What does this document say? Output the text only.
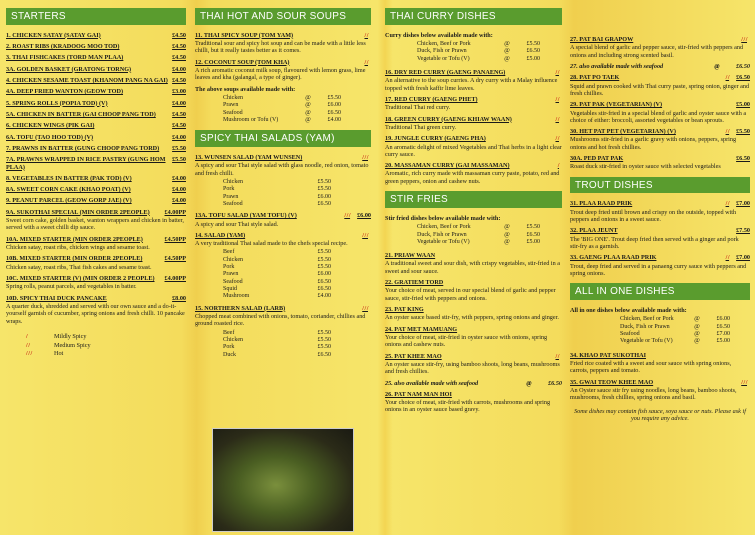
STARTERS
1. CHICKEN SATAY (SATAY GAI)	£4.50
2. ROAST RIBS (KRADOOG MOO TOD)	£4.50
3. THAI FISHCAKES (TORD MAN PLAA)	£4.50
3A. GOLDEN BASKET (GRATONG TORNG)	£4.00
4. CHICKEN SESAME TOAST (KHANOM PANG NA GAI) £4.50
4A. DEEP FRIED WANTON (GEOW TOD)	£3.00
5. SPRING ROLLS (POPIA TOD) (V)	£4.00
5A. CHICKEN IN BATTER (GAI CHOOP PANG TOD)	£4.50
6. CHICKEN WINGS (PIK GAI)	£4.50
6A. TOFU (TAO HOO TOD) (V)	£4.00
7. PRAWNS IN BATTER (GUNG CHOOP PANG TORD)	£5.50
7A. PRAWNS WRAPPED IN RICE PASTRY (GUNG HOM PLAA)
£5.50
8. VEGETABLES IN BATTER (PAK TOD) (V)	£4.00
8A. SWEET CORN CAKE (KHAO POAT) (V)	£4.00
9. PEANUT PARCEL (GEOW GORP JAE) (V)	£4.00
9A. SUKOTHAI SPECIAL (MIN ORDER 2PEOPLE)	£4.00PP
Sweet corn cake, golden basket, wanton wrappers and chicken in batter, served with a sweet chilli dip sauce.
10A. MIXED STARTER (MIN ORDER 2PEOPLE)	£4.50PP
Chicken satay, roast ribs, chicken wings and sesame toast.
10B. MIXED STARTER (MIN ORDER 2PEOPLE)	£4.50PP
Chicken satay, roast ribs, Thai fish cakes and sesame toast.
10C. MIXED STARTER (V) (MIN ORDER 2 PEOPLE)	£4.00PP
Spring rolls, peanut parcels, and vegetables in batter.
10D. SPICY THAI DUCK PANCAKE	£8.00
A quarter duck, shredded and served with our own sauce and a do-it-yourself garnish of cucumber, spring onions and fresh chilli. 10 pancake wraps.
/	Mildly Spicy
/ /	Medium Spicy
/ / /	Hot
THAI HOT AND SOUR SOUPS
11. THAI SPICY SOUP (TOM YAM)	/ /
Traditional sour and spicy hot soup and can be made with a little less chilli, but it really tastes better as it comes.
12. COCONUT SOUP (TOM KHA)	/ /
A rich aromatic coconut milk soup, flavoured with lemon grass, lime leaves and kha (galangal, a type of ginger).
The above soups available made with:
Chicken	@	£5.50
Prawn	@	£6.00
Seafood	@	£6.50
Mushroom or Tofu (V)	@	£4.00
SPICY THAI SALADS (YAM)
13. WUNSEN SALAD (YAM WUNSEN)	/ / /
A spicy and sour Thai style salad with glass noodle, red onion, tomato and fresh chilli.
Chicken	£5.50
Pork	£5.50
Prawn	£6.00
Seafood	£6.50
13A. TOFU SALAD (YAM TOFU) (V)	/ / /	£6.00
A spicy and sour Thai style salad.
14. SALAD (YAM)	/ / /
A very traditional Thai salad made to the chefs special recipe.
Beef	£5.50
Chicken	£5.50
Pork	£5.50
Prawn	£6.00
Seafood	£6.50
Squid	£6.50
Mushroom	£4.00
15. NORTHERN SALAD (LARB)	/ / /
Chopped meat combined with onions, tomato, coriander, chillies and ground roasted rice.
Beef	£5.50
Chicken	£5.50
Pork	£5.50
Duck	£6.50
THAI CURRY DISHES
Curry dishes below available made with:
Chicken, Beef or Pork	@	£5.50
Duck, Fish or Prawn	@	£6.50
Vegetable or Tofu (V)	@	£5.00
16. DRY RED CURRY (GAENG PANAENG)	/ /
An alternative to the soup curries. A dry curry with a Malay influence topped with fresh kaffir lime leaves.
17. RED CURRY (GAENG PHET)	/ /
Traditional Thai red curry.
18. GREEN CURRY (GAENG KHIAW WAAN)	/ /
Traditional Thai green curry.
19. JUNGLE CURRY (GAENG PHA)	/ /
An aromatic delight of mixed Vegetables and Thai herbs in a light clear curry sauce.
20. MASSAMAN CURRY (GAI MASSAMAN)	/
Aromatic, rich curry made with massaman curry paste, potato, red and green peppers, onion and cashew nuts.
STIR FRIES
Stir fried dishes below available made with:
Chicken, Beef or Pork	@	£5.50
Duck, Fish or Prawn	@	£6.50
Vegetable or Tofu (V)	@	£5.00
21. PRIAW WAAN
A traditional sweet and sour dish, with crispy vegetables, stir-fried in a sweet and sour sauce.
22. GRATIEM TORD
Your choice of meat, served in our special blend of garlic and pepper sauce, stir-fried with peppers and onions.
23. PAT KING
An oyster sauce based stir-fry, with peppers, spring onions and ginger.
24. PAT MET MAMUANG
Your choice of meat, stir-fried in oyster sauce with onions, spring onions and cashew nuts.
25. PAT KHEE MAO	/ /
An oyster sauce stir-fry, using bamboo shoots, long beans, mushrooms and fresh chillies.
25. also available made with seafood	@	£6.50
26. PAT NAM MAN HOI
Your choice of meat, stir-fried with carrots, mushrooms and spring onions in an oyster sauce based gravy.
27. PAT BAI GRAPOW	/ / /
A special blend of garlic and pepper sauce, stir-fried with peppers and onions and including strong scented basil.
27. also available made with seafood	@	£6.50
28. PAT PO TAEK	/ /	£6.50
Squid and prawn cooked with Thai curry paste, spring onion, ginger and fresh chillies.
29. PAT PAK (VEGETARIAN) (V)	£5.00
Vegetables stir-fried in a special blend of garlic and oyster sauce with a choice of either: broccoli, assorted vegetables or bean sprouts.
30. HET PAT PET (VEGETARIAN) (V)	/ /	£5.50
Mushrooms stir-fried in a garlic gravy with onions, peppers, spring onions and hot fresh chillies.
30A. PED PAT PAK	£6.50
Roast duck stir-fried in oyster sauce with selected vegetables
TROUT DISHES
31. PLAA RAAD PRIK	/ /	£7.00
Trout deep fried until brown and crispy on the outside, topped with peppers and onions in a sweet sauce.
32. PLAA JEUNT	£7.50
The 'BIG ONE'. Trout deep fried then served with a ginger and pork stir-fry as a garnish.
33. GAENG PLAA RAAD PRIK	/ /	£7.00
Trout, deep fried and served in a panaeng curry sauce with peppers and spring onions.
ALL IN ONE DISHES
All in one dishes below available made with:
Chicken, Beef or Pork	@	£6.00
Duck, Fish or Prawn	@	£6.50
Seafood	@	£7.00
Vegetable or Tofu (V)	@	£5.00
34. KHAO PAT SUKOTHAI
Fried rice coated with a sweet and sour sauce with spring onions, carrots, peppers and tomato.
35. GWAI TEOW KHEE MAO	/ / /
An Oyster sauce stir fry using noodles, long beans, bamboo shoots, mushrooms, fresh chillies, spring onions and basil.
Some dishes may contain fish sauce, soya sauce or nuts. Please ask if you require any advice.
